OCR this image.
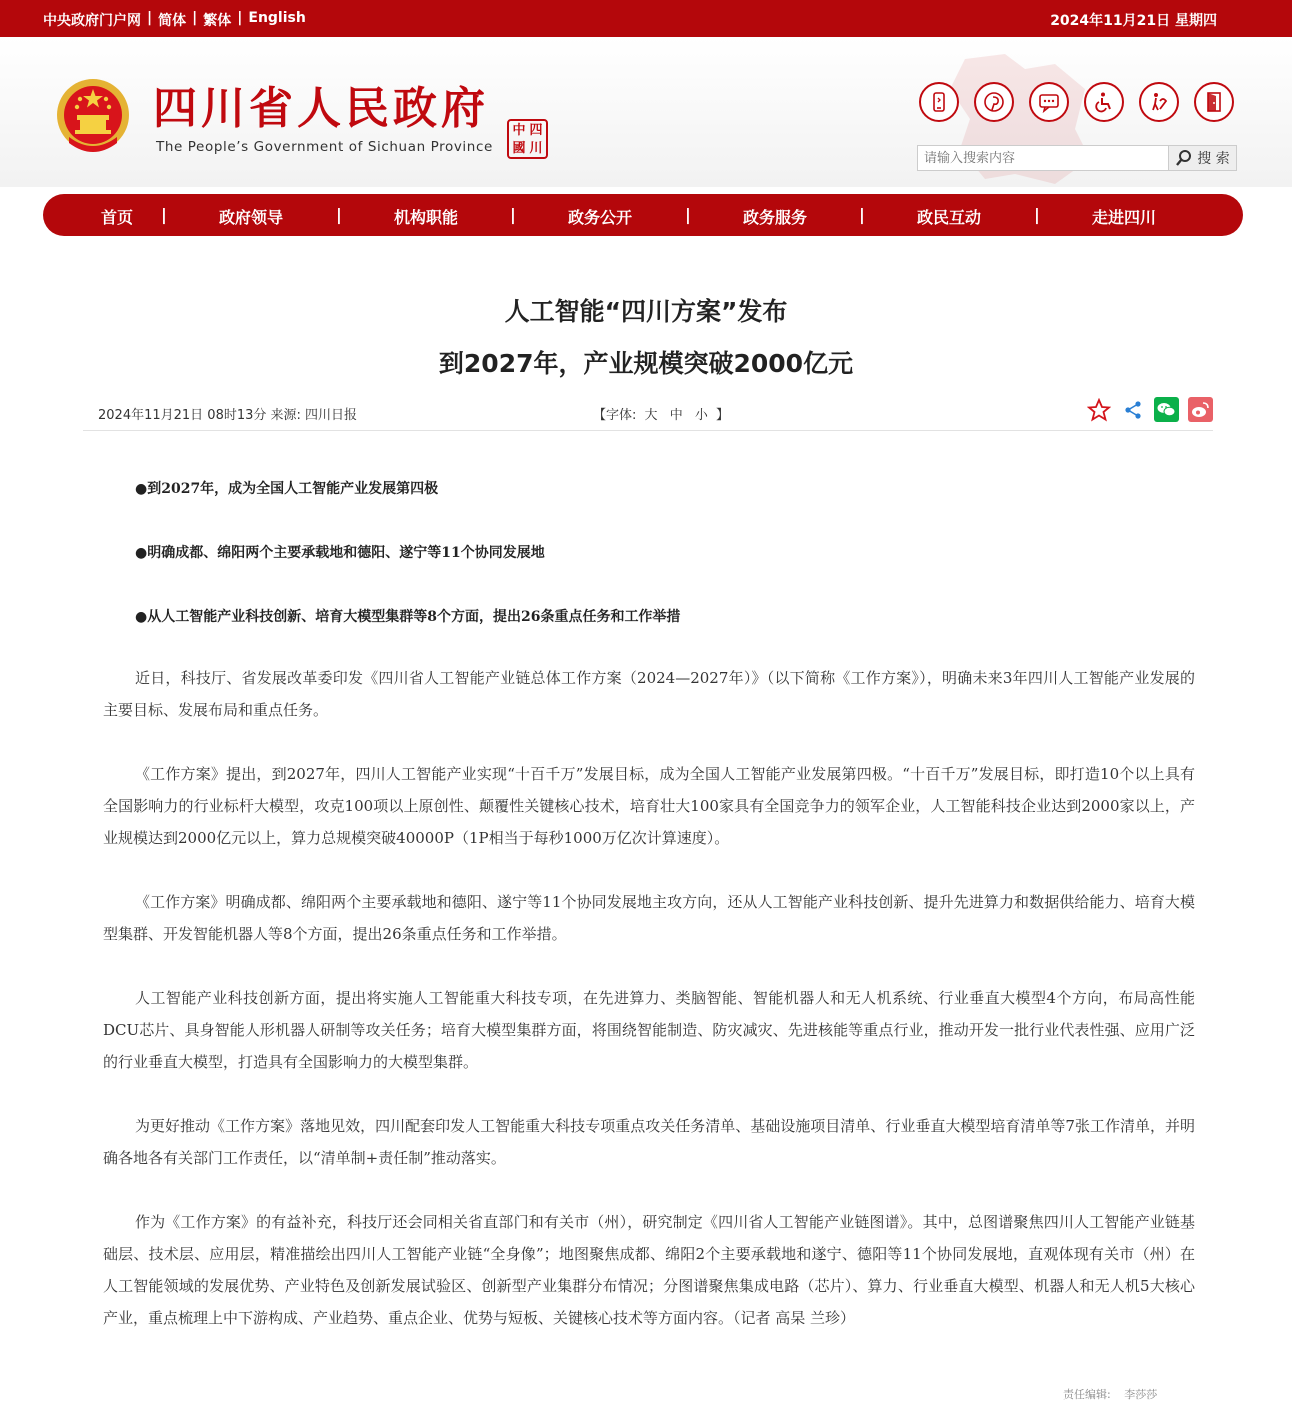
中央政府门户网 | 简体 | 繁体 | English	2024年11月21日 星期四
四川省人民政府
The People’s Government of Sichuan Province
中 四
國 川
请输入搜索内容
搜 索
首页 |	政府领导	|	机构职能	|	政务公开	|	政务服务	|	政民互动	|	走进四川
人工智能“四川方案”发布
到2027年，产业规模突破2000亿元
2024年11月21日 08时13分 来源: 四川日报	【字体: 大 中 小 】

●到2027年，成为全国人工智能产业发展第四极

●明确成都、绵阳两个主要承载地和德阳、遂宁等11个协同发展地

●从人工智能产业科技创新、培育大模型集群等8个方面，提出26条重点任务和工作举措

近日，科技厅、省发展改革委印发《四川省人工智能产业链总体工作方案（2024—2027年）》（以下简称《工作方案》），明确未来3年四川人工智能产业发展的主要目标、发展布局和重点任务。

《工作方案》提出，到2027年，四川人工智能产业实现“十百千万”发展目标，成为全国人工智能产业发展第四极。“十百千万”发展目标，即打造10个以上具有全国影响力的行业标杆大模型，攻克100项以上原创性、颠覆性关键核心技术，培育壮大100家具有全国竞争力的领军企业，人工智能科技企业达到2000家以上，产业规模达到2000亿元以上，算力总规模突破40000P（1P相当于每秒1000万亿次计算速度）。

《工作方案》明确成都、绵阳两个主要承载地和德阳、遂宁等11个协同发展地主攻方向，还从人工智能产业科技创新、提升先进算力和数据供给能力、培育大模型集群、开发智能机器人等8个方面，提出26条重点任务和工作举措。

人工智能产业科技创新方面，提出将实施人工智能重大科技专项，在先进算力、类脑智能、智能机器人和无人机系统、行业垂直大模型4个方向，布局高性能DCU芯片、具身智能人形机器人研制等攻关任务；培育大模型集群方面，将围绕智能制造、防灾减灾、先进核能等重点行业，推动开发一批行业代表性强、应用广泛的行业垂直大模型，打造具有全国影响力的大模型集群。

为更好推动《工作方案》落地见效，四川配套印发人工智能重大科技专项重点攻关任务清单、基础设施项目清单、行业垂直大模型培育清单等7张工作清单，并明确各地各有关部门工作责任，以“清单制+责任制”推动落实。

作为《工作方案》的有益补充，科技厅还会同相关省直部门和有关市（州），研究制定《四川省人工智能产业链图谱》。其中，总图谱聚焦四川人工智能产业链基础层、技术层、应用层，精准描绘出四川人工智能产业链“全身像”；地图聚焦成都、绵阳2个主要承载地和遂宁、德阳等11个协同发展地，直观体现有关市（州）在人工智能领域的发展优势、产业特色及创新发展试验区、创新型产业集群分布情况；分图谱聚焦集成电路（芯片）、算力、行业垂直大模型、机器人和无人机5大核心产业，重点梳理上中下游构成、产业趋势、重点企业、优势与短板、关键核心技术等方面内容。（记者 高杲 兰珍）

责任编辑: 李莎莎
